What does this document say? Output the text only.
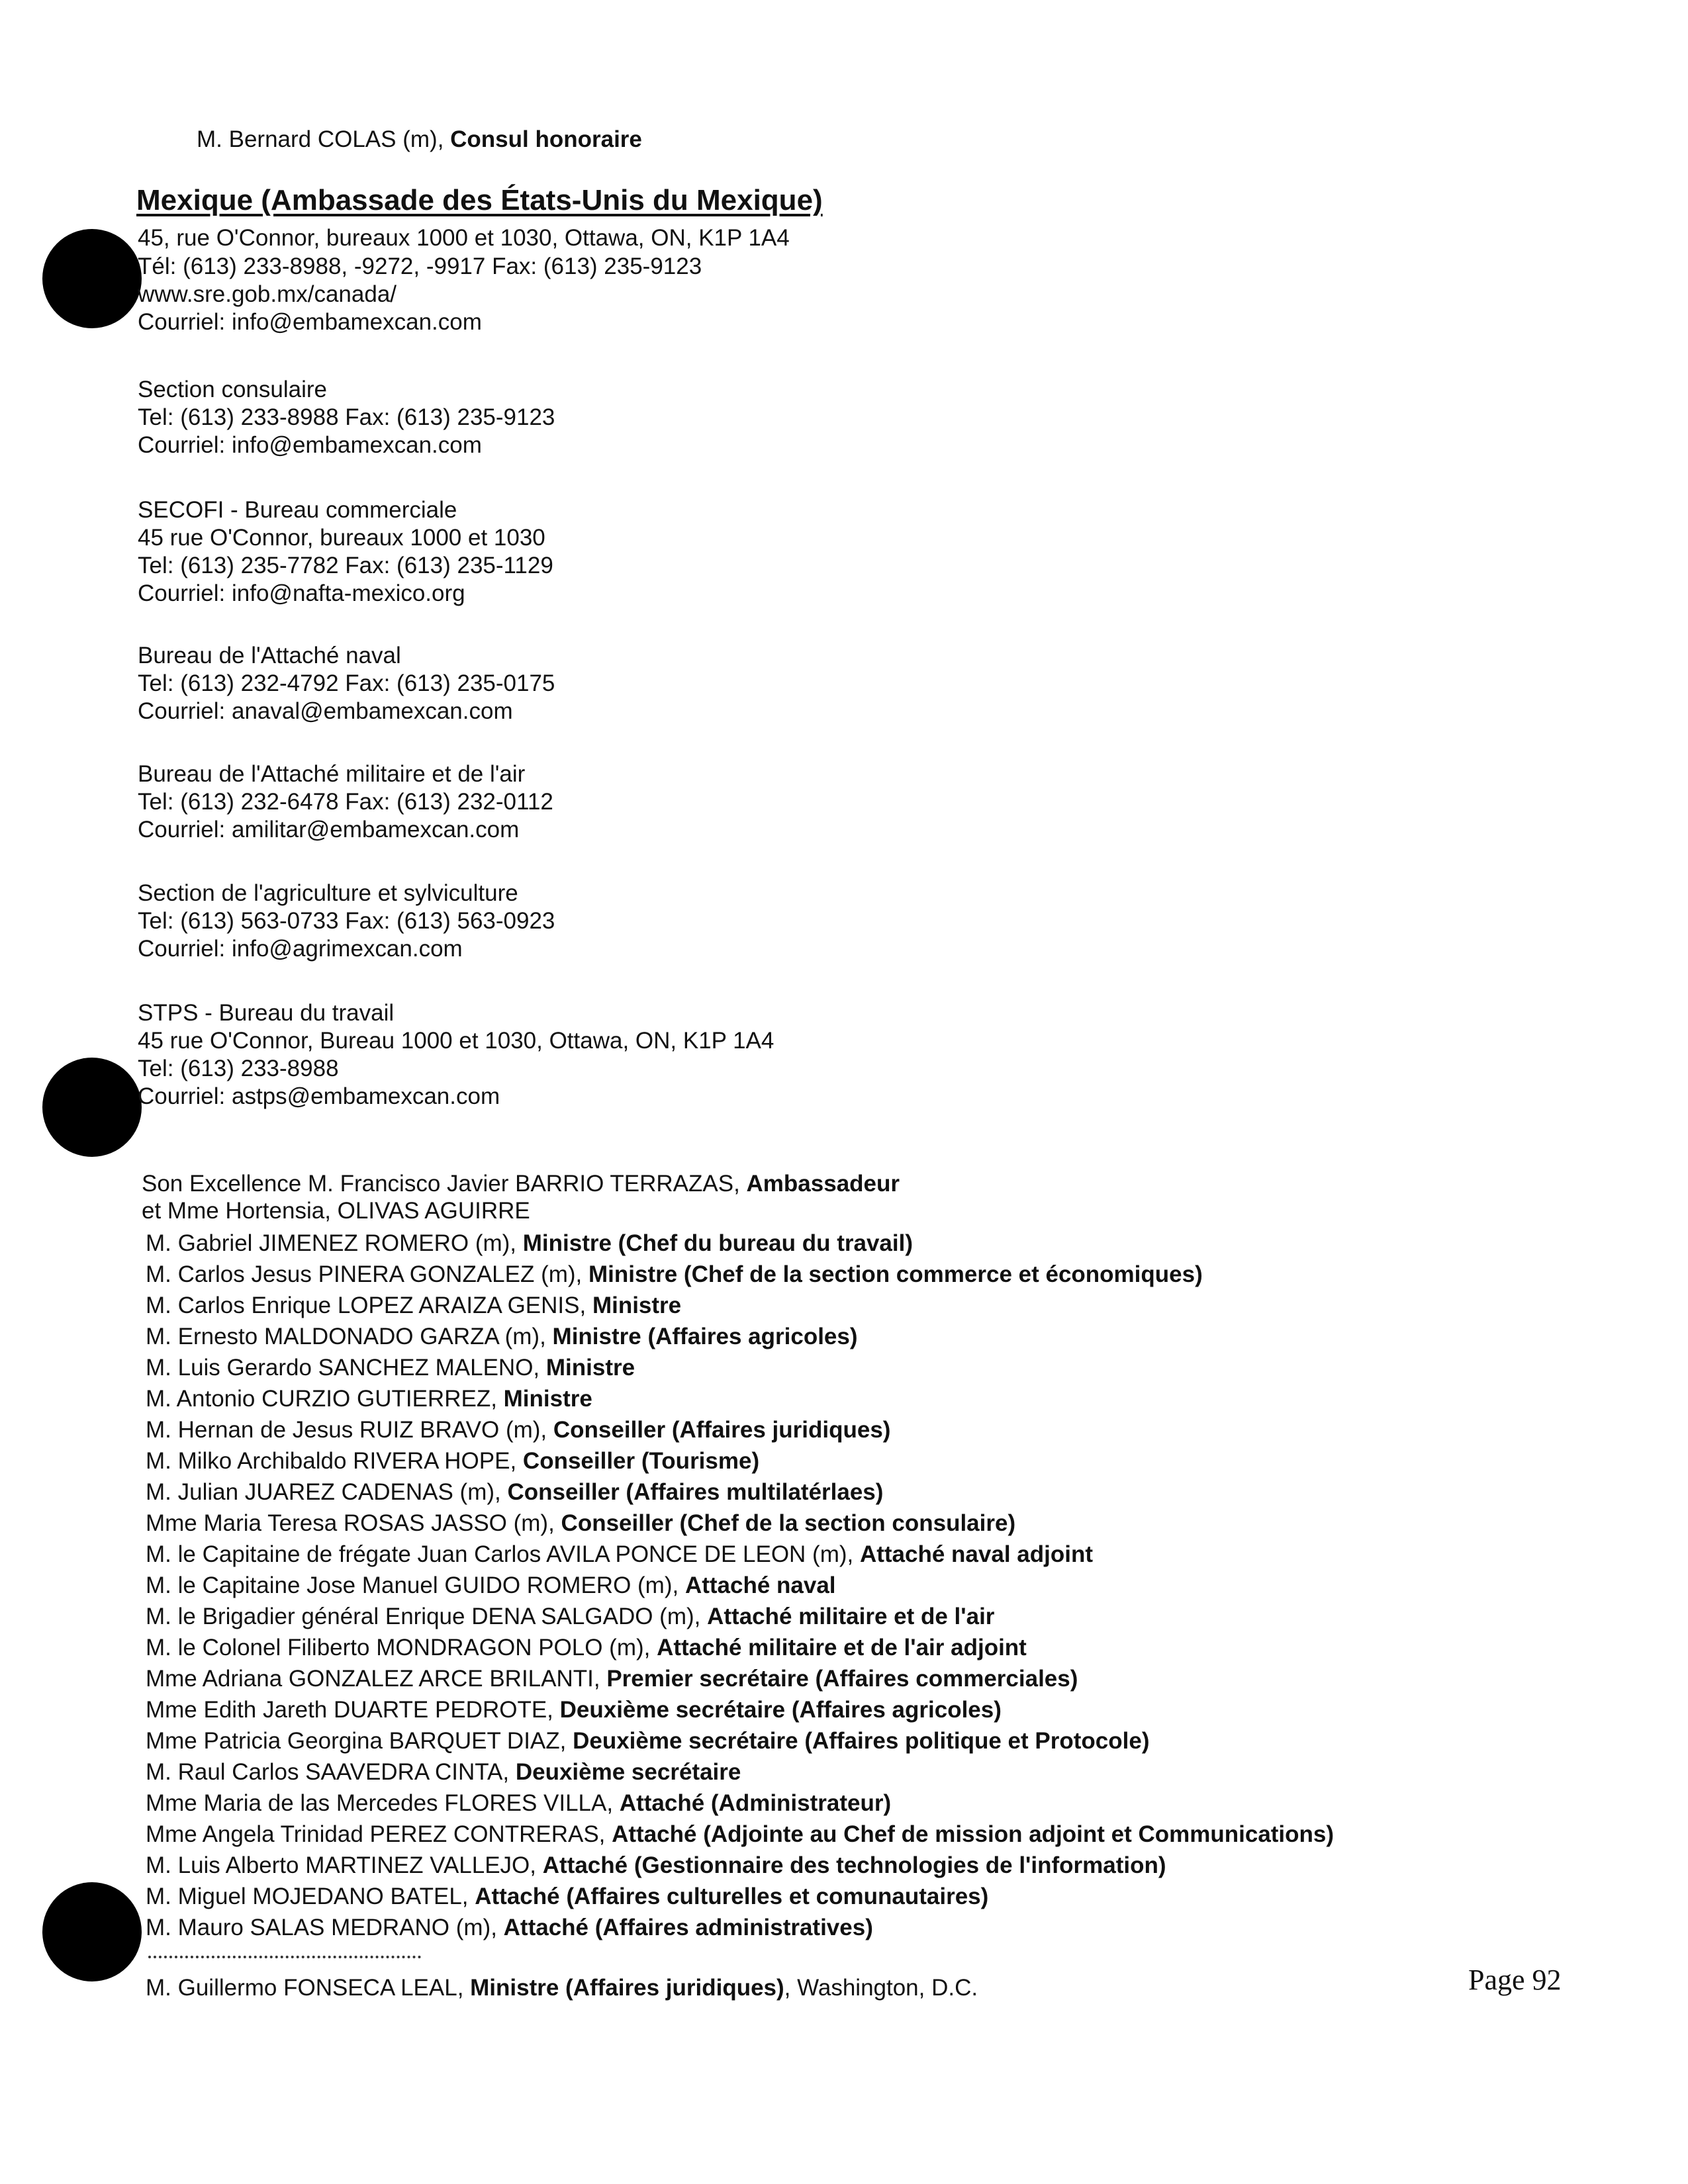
M. Bernard COLAS (m), Consul honoraire
Mexique (Ambassade des États-Unis du Mexique)
45, rue O'Connor, bureaux 1000 et 1030, Ottawa, ON, K1P 1A4
Tél: (613) 233-8988, -9272, -9917 Fax: (613) 235-9123
www.sre.gob.mx/canada/
Courriel: info@embamexcan.com
Section consulaire
Tel: (613) 233-8988 Fax: (613) 235-9123
Courriel: info@embamexcan.com
SECOFI - Bureau commerciale
45 rue O'Connor, bureaux 1000 et 1030
Tel: (613) 235-7782 Fax: (613) 235-1129
Courriel: info@nafta-mexico.org
Bureau de l'Attaché naval
Tel: (613) 232-4792 Fax: (613) 235-0175
Courriel: anaval@embamexcan.com
Bureau de l'Attaché militaire et de l'air
Tel: (613) 232-6478 Fax: (613) 232-0112
Courriel: amilitar@embamexcan.com
Section de l'agriculture et sylviculture
Tel: (613) 563-0733 Fax: (613) 563-0923
Courriel: info@agrimexcan.com
STPS - Bureau du travail
45 rue O'Connor, Bureau 1000 et 1030, Ottawa, ON, K1P 1A4
Tel: (613) 233-8988
Courriel: astps@embamexcan.com
Son Excellence M. Francisco Javier BARRIO TERRAZAS, Ambassadeur
et Mme Hortensia, OLIVAS AGUIRRE
M. Gabriel JIMENEZ ROMERO (m), Ministre (Chef du bureau du travail)
M. Carlos Jesus PINERA GONZALEZ (m), Ministre (Chef de la section commerce et économiques)
M. Carlos Enrique LOPEZ ARAIZA GENIS, Ministre
M. Ernesto MALDONADO GARZA (m), Ministre (Affaires agricoles)
M. Luis Gerardo SANCHEZ MALENO, Ministre
M. Antonio CURZIO GUTIERREZ, Ministre
M. Hernan de Jesus RUIZ BRAVO (m), Conseiller (Affaires juridiques)
M. Milko Archibaldo RIVERA HOPE, Conseiller (Tourisme)
M. Julian JUAREZ CADENAS (m), Conseiller (Affaires multilatérlaes)
Mme Maria Teresa ROSAS JASSO (m), Conseiller (Chef de la section consulaire)
M. le Capitaine de frégate Juan Carlos AVILA PONCE DE LEON (m), Attaché naval adjoint
M. le Capitaine Jose Manuel GUIDO ROMERO (m), Attaché naval
M. le Brigadier général Enrique DENA SALGADO (m), Attaché militaire et de l'air
M. le Colonel Filiberto MONDRAGON POLO (m), Attaché militaire et de l'air adjoint
Mme Adriana GONZALEZ ARCE BRILANTI, Premier secrétaire (Affaires commerciales)
Mme Edith Jareth DUARTE PEDROTE, Deuxième secrétaire (Affaires agricoles)
Mme Patricia Georgina BARQUET DIAZ, Deuxième secrétaire (Affaires politique et Protocole)
M. Raul Carlos SAAVEDRA CINTA, Deuxième secrétaire
Mme Maria de las Mercedes FLORES VILLA, Attaché (Administrateur)
Mme Angela Trinidad PEREZ CONTRERAS, Attaché (Adjointe au Chef de mission adjoint et Communications)
M. Luis Alberto MARTINEZ VALLEJO, Attaché (Gestionnaire des technologies de l'information)
M. Miguel MOJEDANO BATEL, Attaché (Affaires culturelles et comunautaires)
M. Mauro SALAS MEDRANO (m), Attaché (Affaires administratives)
M. Guillermo FONSECA LEAL, Ministre (Affaires juridiques), Washington, D.C.	Page 92
